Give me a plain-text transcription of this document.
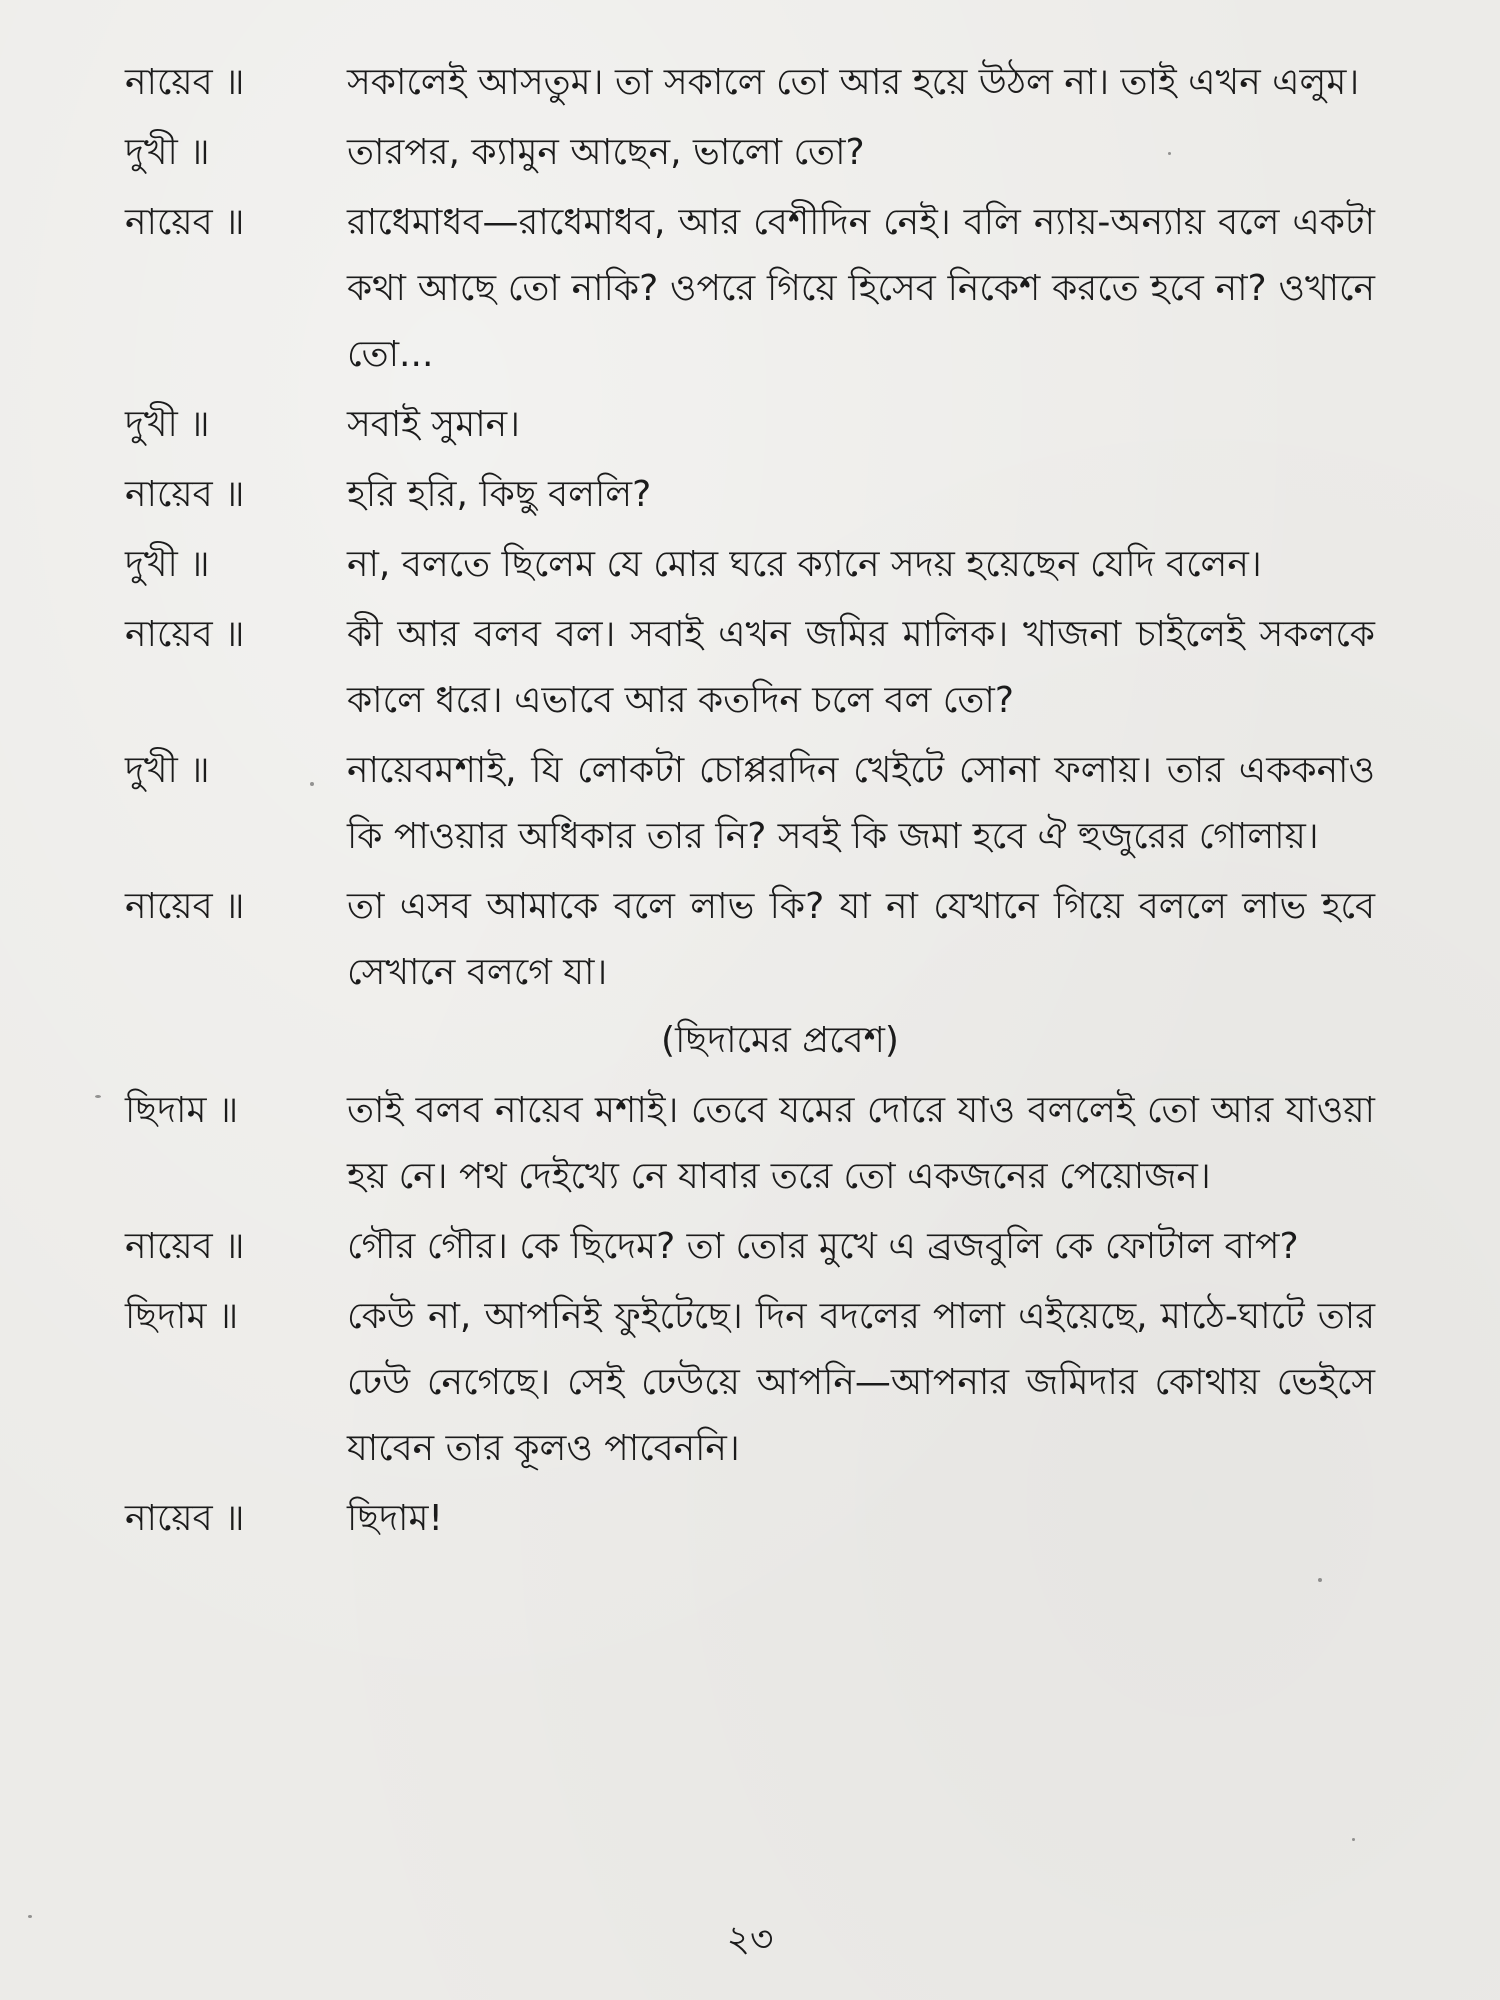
নায়েব ॥	সকালেই আসতুম। তা সকালে তো আর হয়ে উঠল না। তাই এখন এলুম।
দুখী ॥	তারপর, ক্যামুন আছেন, ভালো তো?
নায়েব ॥	রাধেমাধব—রাধেমাধব, আর বেশীদিন নেই। বলি ন্যায়-অন্যায় বলে একটা কথা আছে তো নাকি? ওপরে গিয়ে হিসেব নিকেশ করতে হবে না? ওখানে তো...
দুখী ॥	সবাই সুমান।
নায়েব ॥	হরি হরি, কিছু বললি?
দুখী ॥	না, বলতে ছিলেম যে মোর ঘরে ক্যানে সদয় হয়েছেন যেদি বলেন।
নায়েব ॥	কী আর বলব বল। সবাই এখন জমির মালিক। খাজনা চাইলেই সকলকে কালে ধরে। এভাবে আর কতদিন চলে বল তো?
দুখী ॥	নায়েবমশাই, যি লোকটা চোপ্পরদিন খেইটে সোনা ফলায়। তার এককনাও কি পাওয়ার অধিকার তার নি? সবই কি জমা হবে ঐ হুজুরের গোলায়।
নায়েব ॥	তা এসব আমাকে বলে লাভ কি? যা না যেখানে গিয়ে বললে লাভ হবে সেখানে বলগে যা।
(ছিদামের প্রবেশ)
ছিদাম ॥	তাই বলব নায়েব মশাই। তেবে যমের দোরে যাও বললেই তো আর যাওয়া হয় নে। পথ দেইখ্যে নে যাবার তরে তো একজনের পেয়োজন।
নায়েব ॥	গৌর গৌর। কে ছিদেম? তা তোর মুখে এ ব্রজবুলি কে ফোটাল বাপ?
ছিদাম ॥	কেউ না, আপনিই ফুইটেছে। দিন বদলের পালা এইয়েছে, মাঠে-ঘাটে তার ঢেউ নেগেছে। সেই ঢেউয়ে আপনি—আপনার জমিদার কোথায় ভেইসে যাবেন তার কূলও পাবেননি।
নায়েব ॥	ছিদাম!
২৩
